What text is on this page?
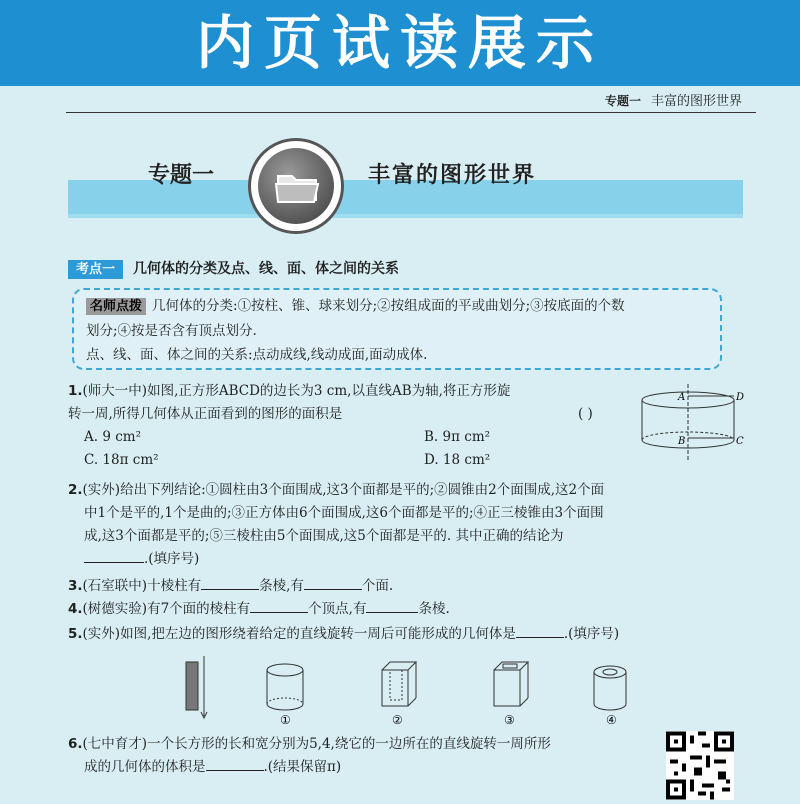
内页试读展示
专题一 丰富的图形世界
专题一	丰富的图形世界
考点一 几何体的分类及点、线、面、体之间的关系
名师点拨 几何体的分类:①按柱、锥、球来划分;②按组成面的平或曲划分;③按底面的个数
划分;④按是否含有顶点划分.
点、线、面、体之间的关系:点动成线,线动成面,面动成体.
1.(师大一中)如图,正方形ABCD的边长为3 cm,以直线AB为轴,将正方形旋
转一周,所得几何体从正面看到的图形的面积是	( )
A. 9 cm²	B. 9π cm²
C. 18π cm²	D. 18 cm²
A	D
B	C
2.(实外)给出下列结论:①圆柱由3个面围成,这3个面都是平的;②圆锥由2个面围成,这2个面
中1个是平的,1个是曲的;③正方体由6个面围成,这6个面都是平的;④正三棱锥由3个面围
成,这3个面都是平的;⑤三棱柱由5个面围成,这5个面都是平的. 其中正确的结论为
.(填序号)
3.(石室联中)十棱柱有	条棱,有	个面.
4.(树德实验)有7个面的棱柱有	个顶点,有	条棱.
5.(实外)如图,把左边的图形绕着给定的直线旋转一周后可能形成的几何体是	.(填序号)
①	②	③	④
6.(七中育才)一个长方形的长和宽分别为5,4,绕它的一边所在的直线旋转一周所形
成的几何体的体积是	.(结果保留π)
